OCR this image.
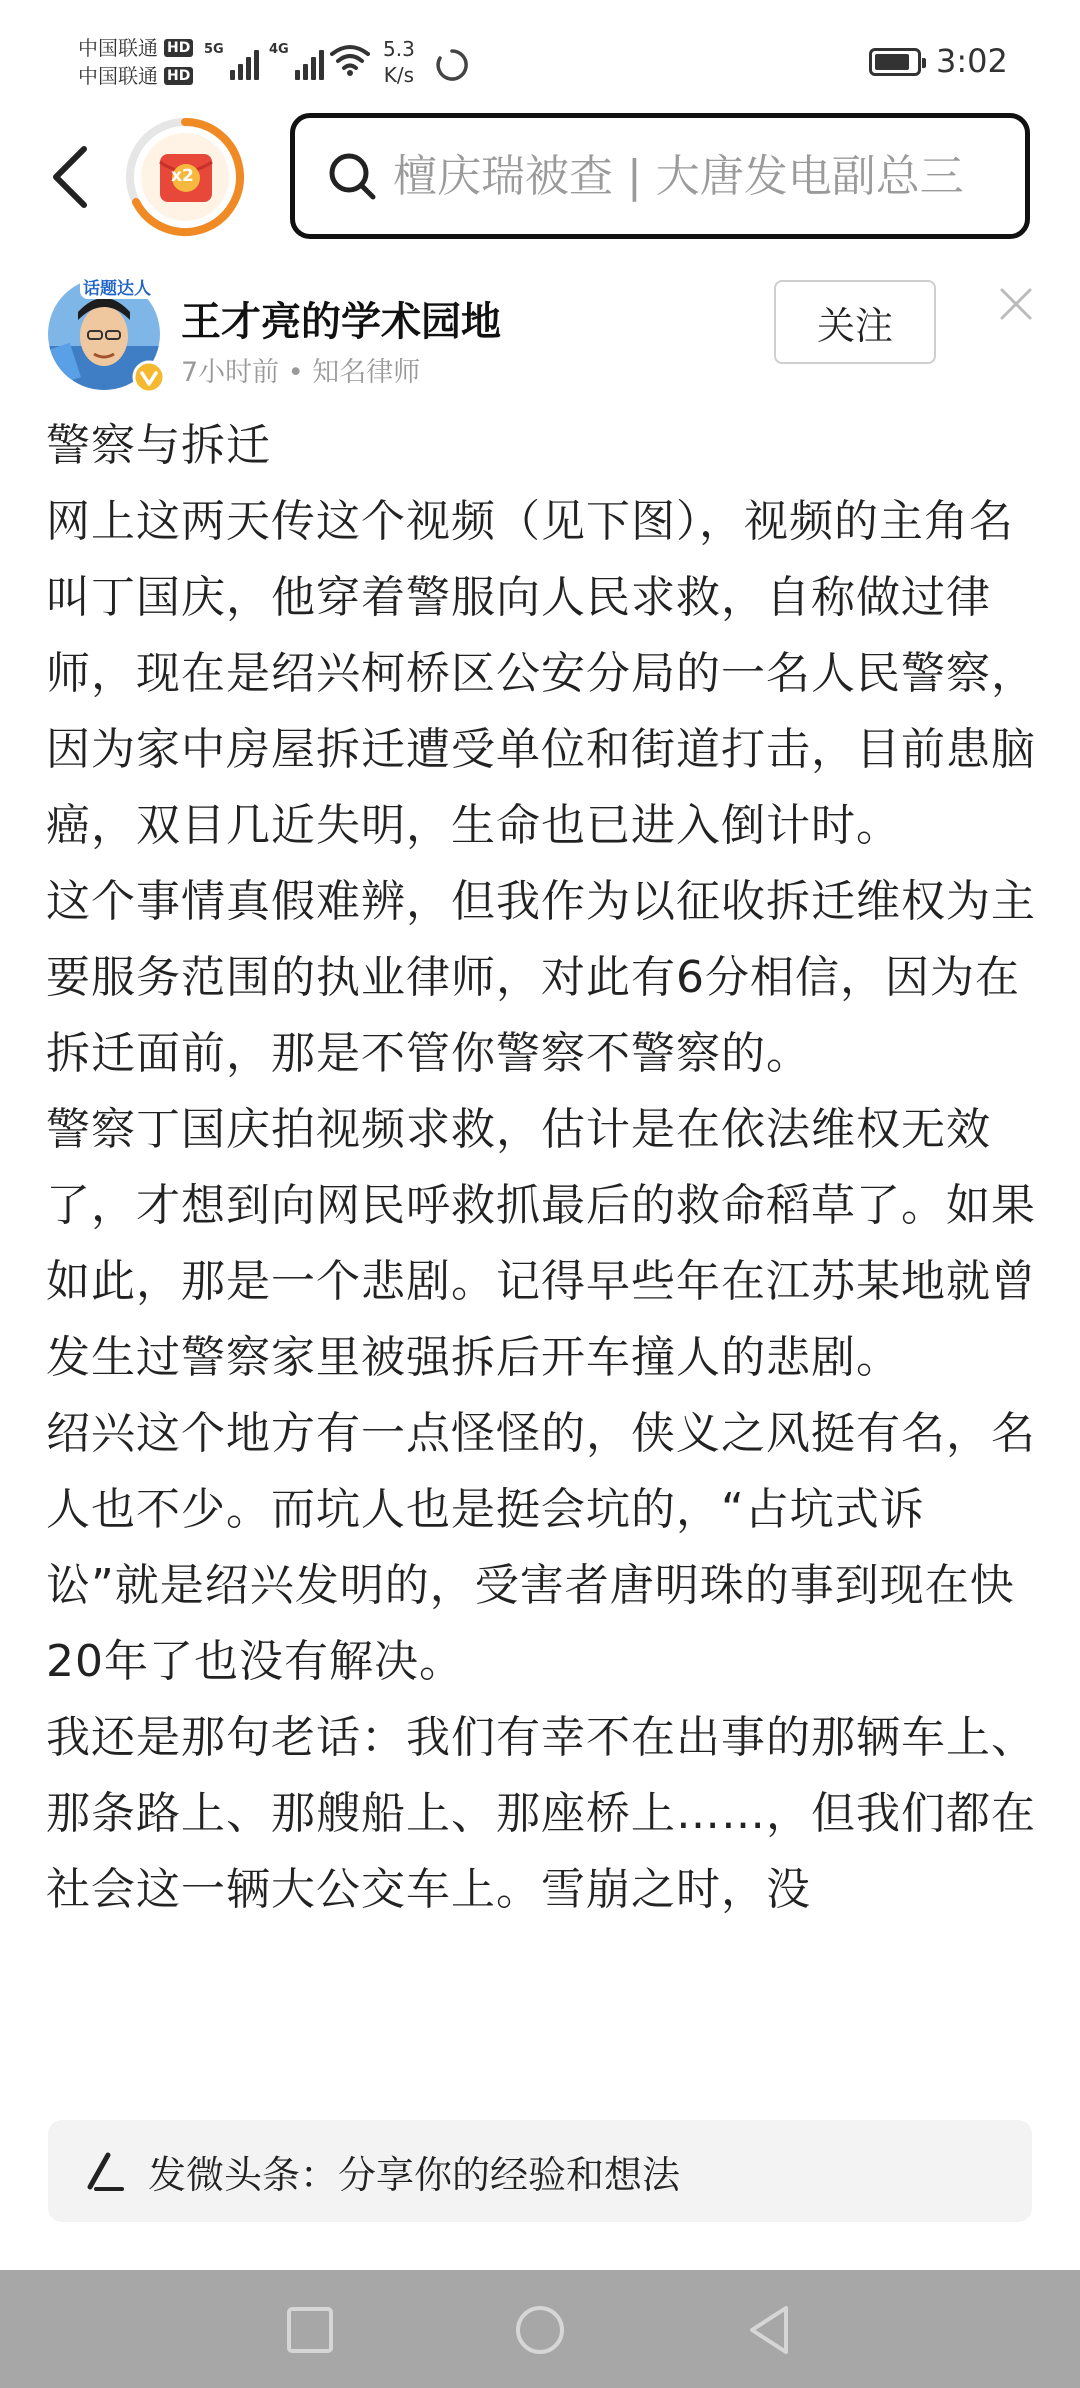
中国联通 HD
中国联通 HD
5G	4G	5.3
K/s	3:02
x2
檀庆瑞被查 | 大唐发电副总三
话题达人
王才亮的学术园地
7小时前 • 知名律师
关注

警察与拆迁

网上这两天传这个视频（见下图），视频的主角名叫丁国庆，他穿着警服向人民求救，自称做过律师，现在是绍兴柯桥区公安分局的一名人民警察，因为家中房屋拆迁遭受单位和街道打击，目前患脑癌，双目几近失明，生命也已进入倒计时。

这个事情真假难辨，但我作为以征收拆迁维权为主要服务范围的执业律师，对此有6分相信，因为在拆迁面前，那是不管你警察不警察的。

警察丁国庆拍视频求救，估计是在依法维权无效了，才想到向网民呼救抓最后的救命稻草了。如果如此，那是一个悲剧。记得早些年在江苏某地就曾发生过警察家里被强拆后开车撞人的悲剧。

绍兴这个地方有一点怪怪的，侠义之风挺有名，名人也不少。而坑人也是挺会坑的，“占坑式诉讼”就是绍兴发明的，受害者唐明珠的事到现在快20年了也没有解决。

我还是那句老话：我们有幸不在出事的那辆车上、那条路上、那艘船上、那座桥上……，但我们都在社会这一辆大公交车上。雪崩之时，没

发微头条：分享你的经验和想法
